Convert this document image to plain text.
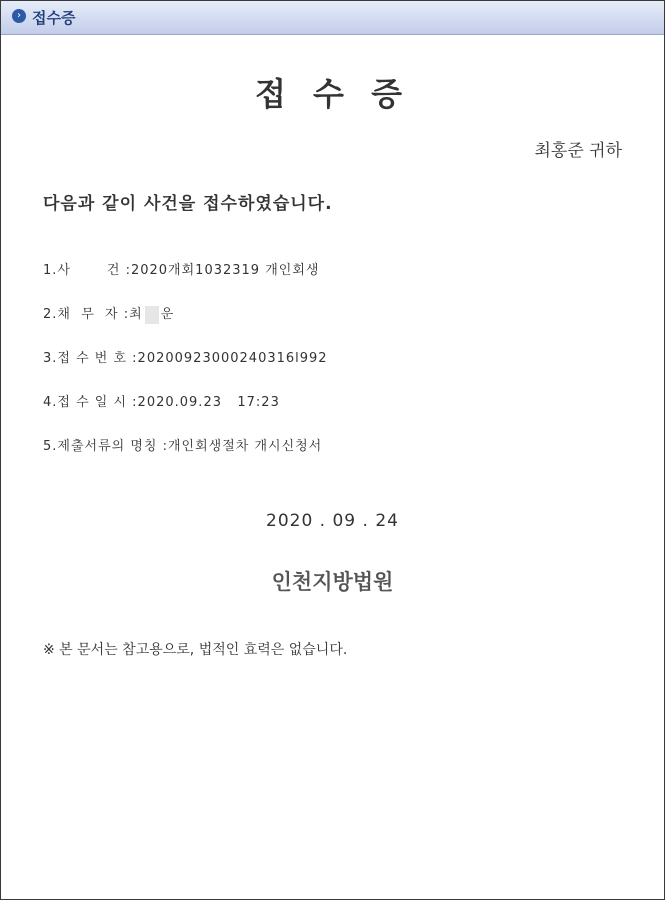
› 접수증
접 수 증
최홍준 귀하
다음과 같이 사건을 접수하였습니다.
1.사       건 :2020개회1032319 개인회생
2.채  무  자 :최 운
3.접 수 번 호 :20200923000240316l992
4.접 수 일 시 :2020.09.23   17:23
5.제출서류의 명칭 :개인회생절차 개시신청서
2020 . 09 . 24
인천지방법원
※ 본 문서는 참고용으로, 법적인 효력은 없습니다.
